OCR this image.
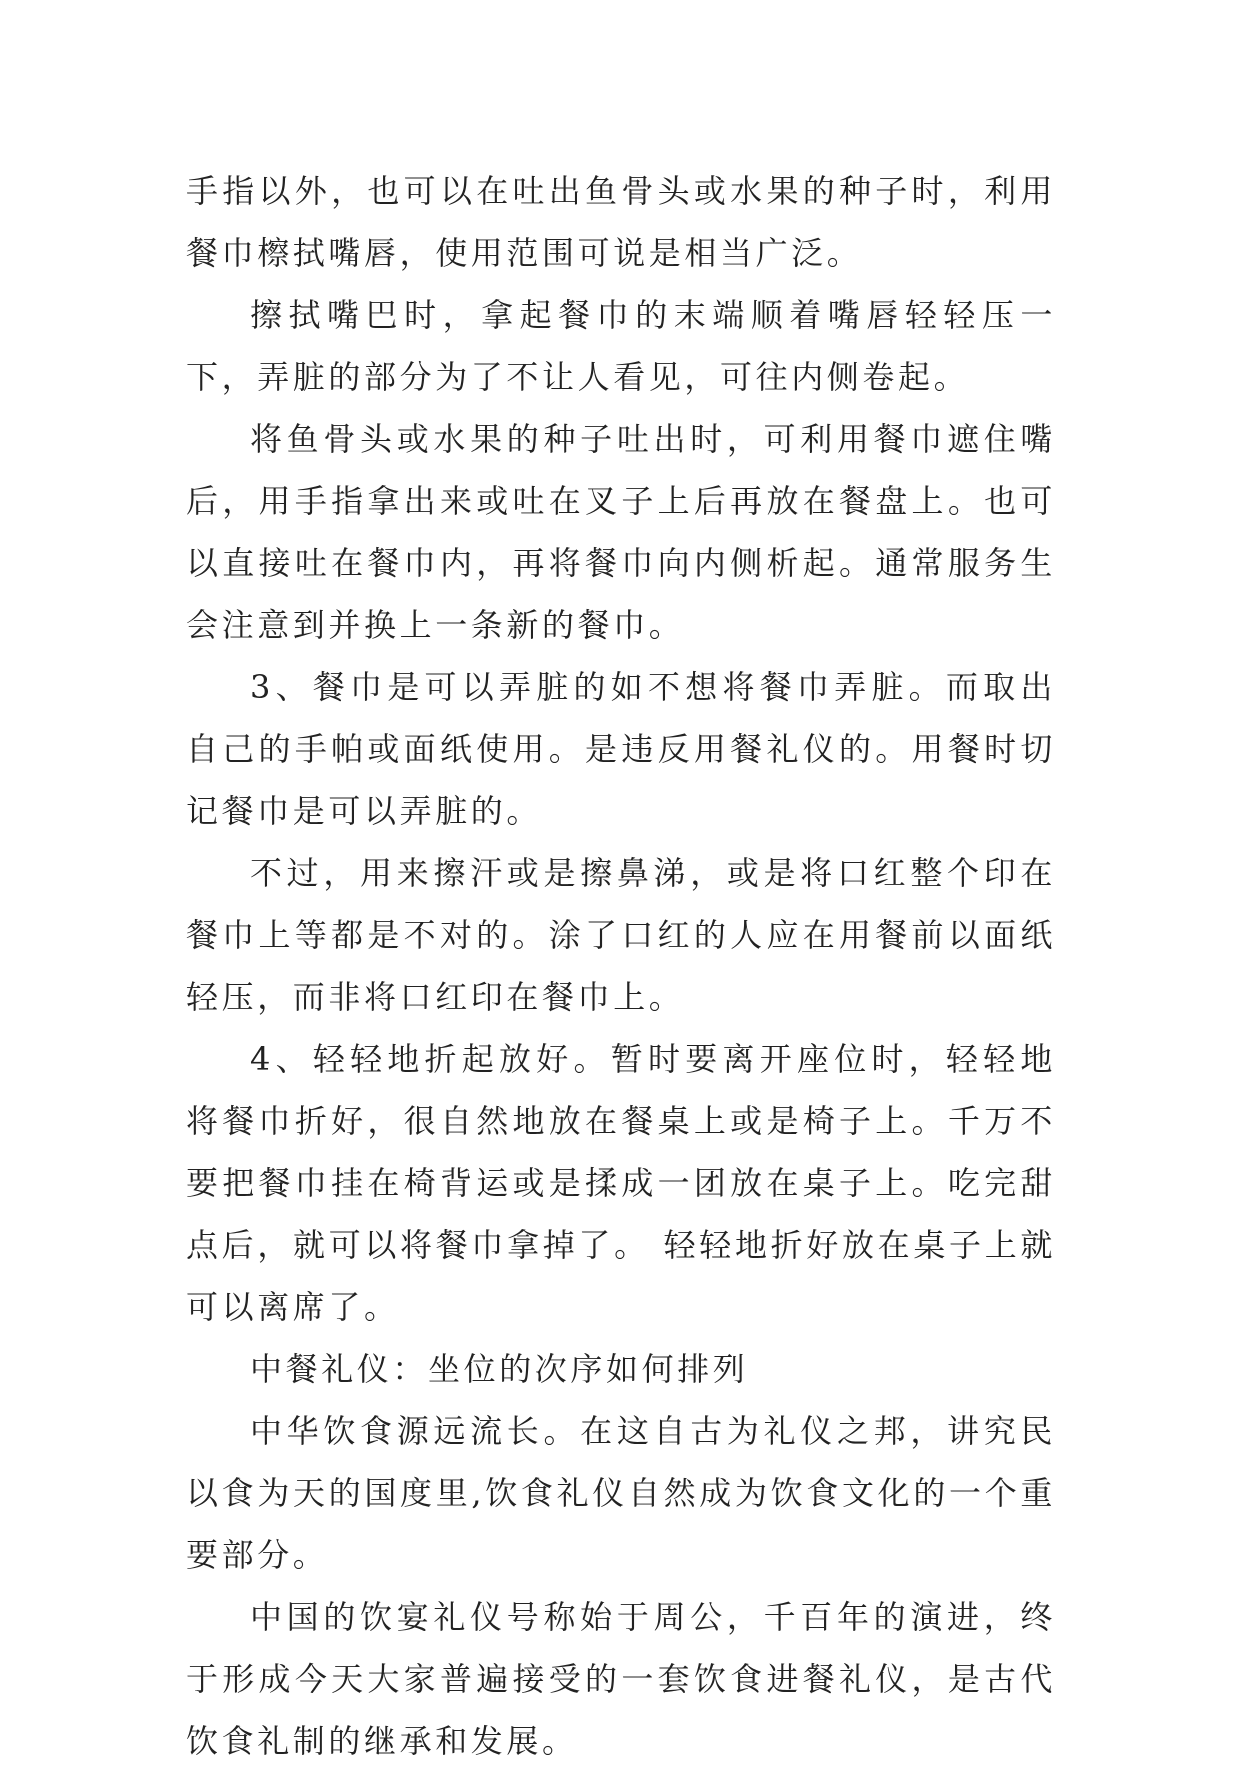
手指以外，也可以在吐出鱼骨头或水果的种子时，利用餐巾檫拭嘴唇，使用范围可说是相当广泛。

擦拭嘴巴时，拿起餐巾的末端顺着嘴唇轻轻压一下，弄脏的部分为了不让人看见，可往内侧卷起。

将鱼骨头或水果的种子吐出时，可利用餐巾遮住嘴后，用手指拿出来或吐在叉子上后再放在餐盘上。也可以直接吐在餐巾内，再将餐巾向内侧析起。通常服务生会注意到并换上一条新的餐巾。

3、餐巾是可以弄脏的如不想将餐巾弄脏。而取出自己的手帕或面纸使用。是违反用餐礼仪的。用餐时切记餐巾是可以弄脏的。

不过，用来擦汗或是擦鼻涕，或是将口红整个印在餐巾上等都是不对的。涂了口红的人应在用餐前以面纸轻压，而非将口红印在餐巾上。

4、轻轻地折起放好。暂时要离开座位时，轻轻地将餐巾折好，很自然地放在餐桌上或是椅子上。千万不要把餐巾挂在椅背运或是揉成一团放在桌子上。吃完甜点后，就可以将餐巾拿掉了。 轻轻地折好放在桌子上就可以离席了。

中餐礼仪：坐位的次序如何排列

中华饮食源远流长。在这自古为礼仪之邦，讲究民以食为天的国度里,饮食礼仪自然成为饮食文化的一个重要部分。

中国的饮宴礼仪号称始于周公，千百年的演进，终于形成今天大家普遍接受的一套饮食进餐礼仪，是古代饮食礼制的继承和发展。
